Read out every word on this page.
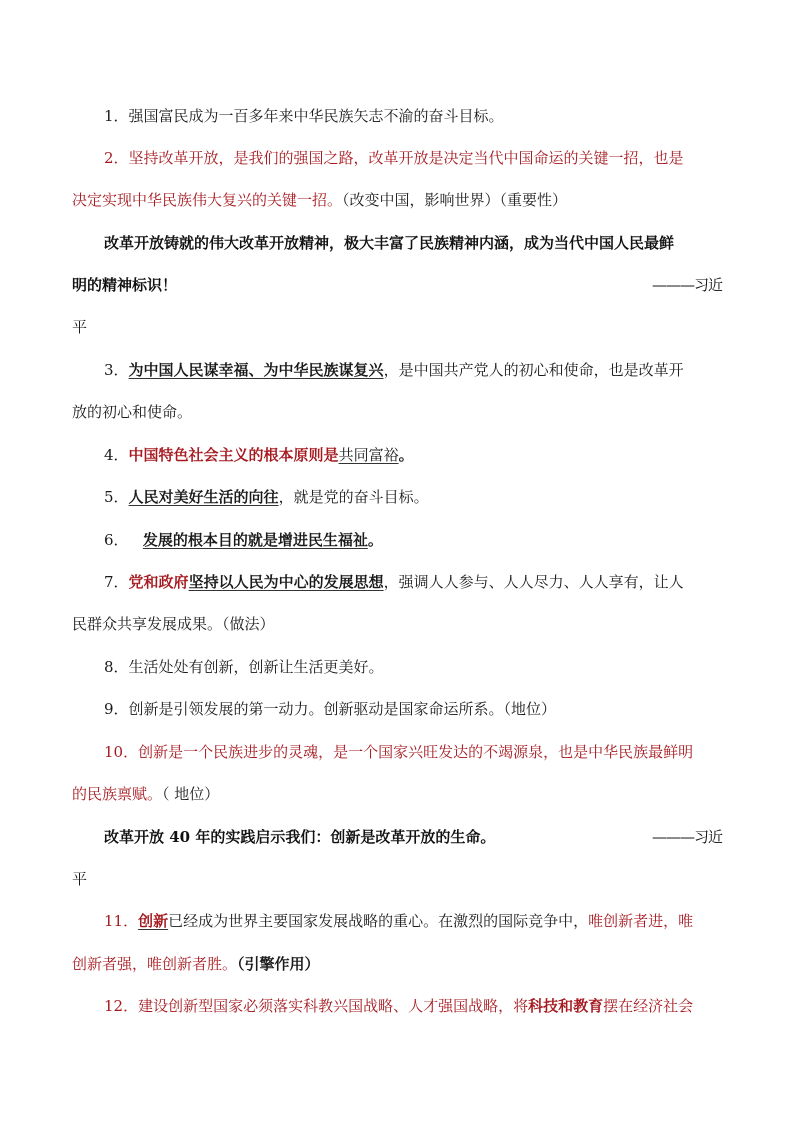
1．强国富民成为一百多年来中华民族矢志不渝的奋斗目标。
2．坚持改革开放，是我们的强国之路，改革开放是决定当代中国命运的关键一招，也是
决定实现中华民族伟大复兴的关键一招。（改变中国，影响世界）（重要性）
改革开放铸就的伟大改革开放精神，极大丰富了民族精神内涵，成为当代中国人民最鲜
明的精神标识！	———习近
平
3．为中国人民谋幸福、为中华民族谋复兴，是中国共产党人的初心和使命，也是改革开
放的初心和使命。
4．中国特色社会主义的根本原则是共同富裕。
5．人民对美好生活的向往，就是党的奋斗目标。
6． 发展的根本目的就是增进民生福祉。
7．党和政府坚持以人民为中心的发展思想，强调人人参与、人人尽力、人人享有，让人
民群众共享发展成果。（做法）
8．生活处处有创新，创新让生活更美好。
9．创新是引领发展的第一动力。创新驱动是国家命运所系。（地位）
10．创新是一个民族进步的灵魂，是一个国家兴旺发达的不竭源泉，也是中华民族最鲜明
的民族禀赋。（ 地位）
改革开放 40 年的实践启示我们：创新是改革开放的生命。	———习近
平
11．创新已经成为世界主要国家发展战略的重心。在激烈的国际竞争中，唯创新者进，唯
创新者强，唯创新者胜。（引擎作用）
12．建设创新型国家必须落实科教兴国战略、人才强国战略，将科技和教育摆在经济社会
